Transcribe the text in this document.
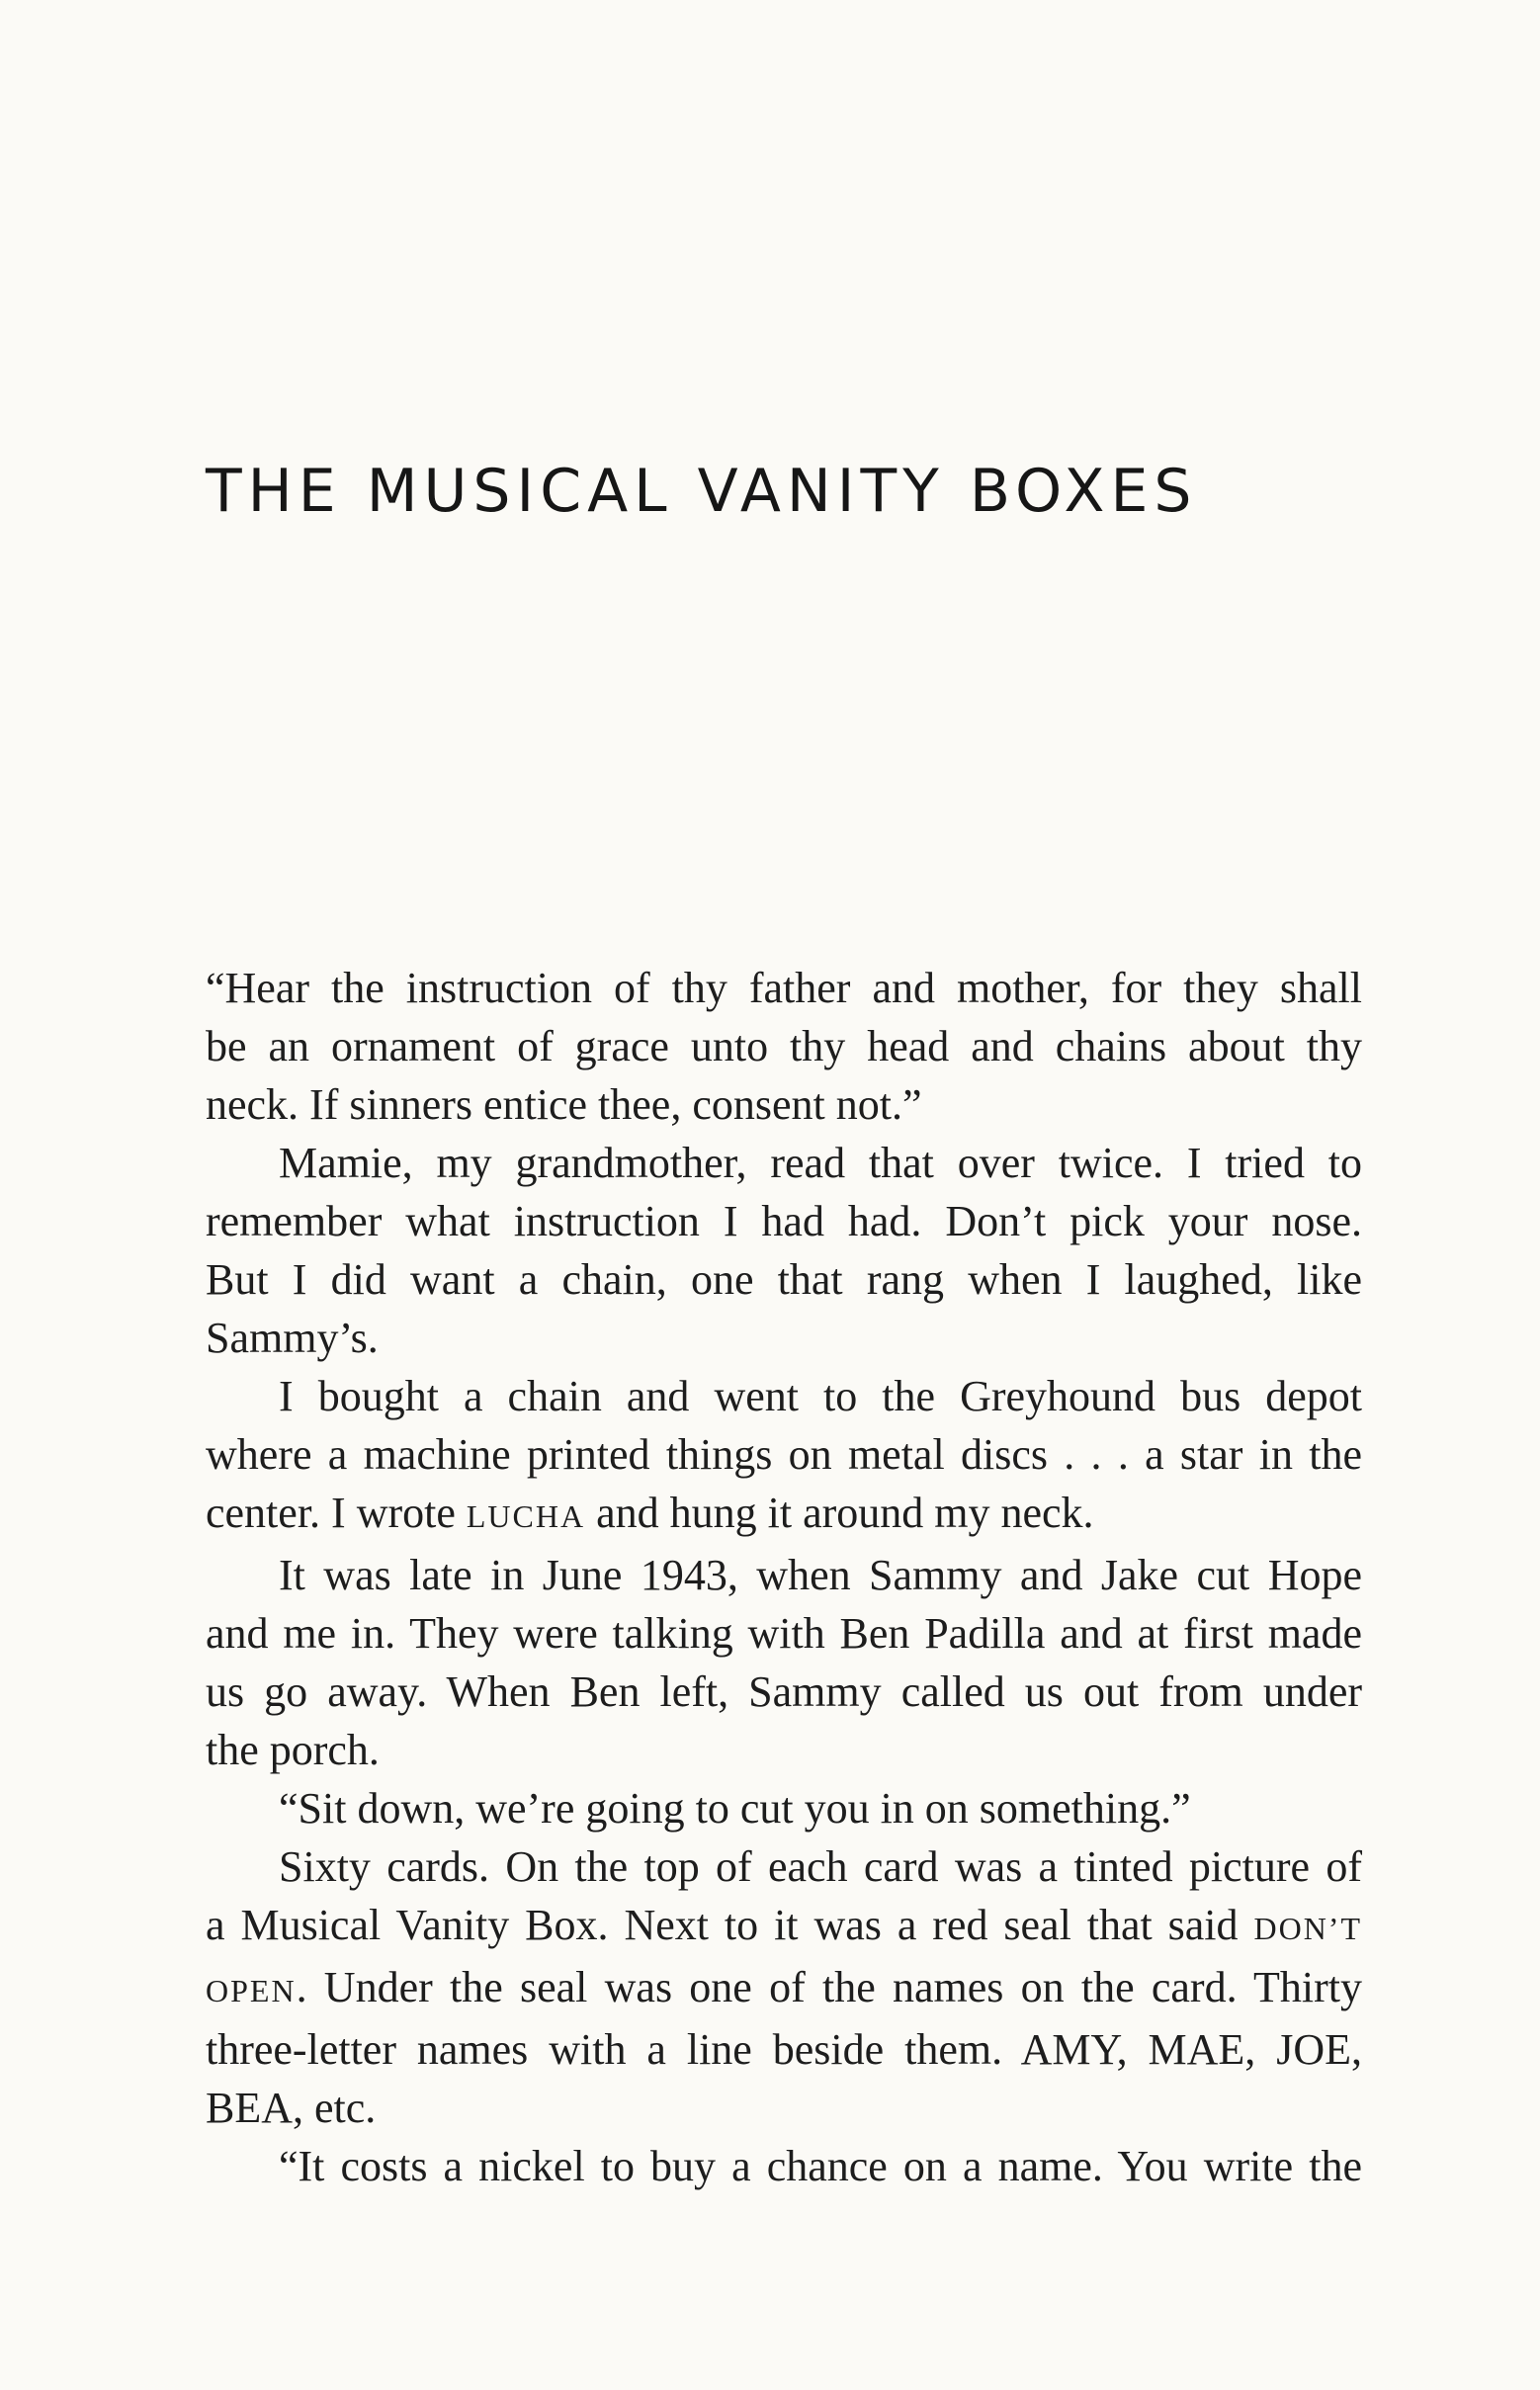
THE MUSICAL VANITY BOXES

“Hear the instruction of thy father and mother, for they shall
be an ornament of grace unto thy head and chains about thy
neck. If sinners entice thee, consent not.”

Mamie, my grandmother, read that over twice. I tried to
remember what instruction I had had. Don’t pick your nose.
But I did want a chain, one that rang when I laughed, like
Sammy’s.

I bought a chain and went to the Greyhound bus depot
where a machine printed things on metal discs . . . a star in the
center. I wrote LUCHA and hung it around my neck.

It was late in June 1943, when Sammy and Jake cut Hope
and me in. They were talking with Ben Padilla and at first made
us go away. When Ben left, Sammy called us out from under
the porch.

“Sit down, we’re going to cut you in on something.”

Sixty cards. On the top of each card was a tinted picture of
a Musical Vanity Box. Next to it was a red seal that said DON’T
OPEN. Under the seal was one of the names on the card. Thirty
three-letter names with a line beside them. AMY, MAE, JOE,
BEA, etc.

“It costs a nickel to buy a chance on a name. You write the
